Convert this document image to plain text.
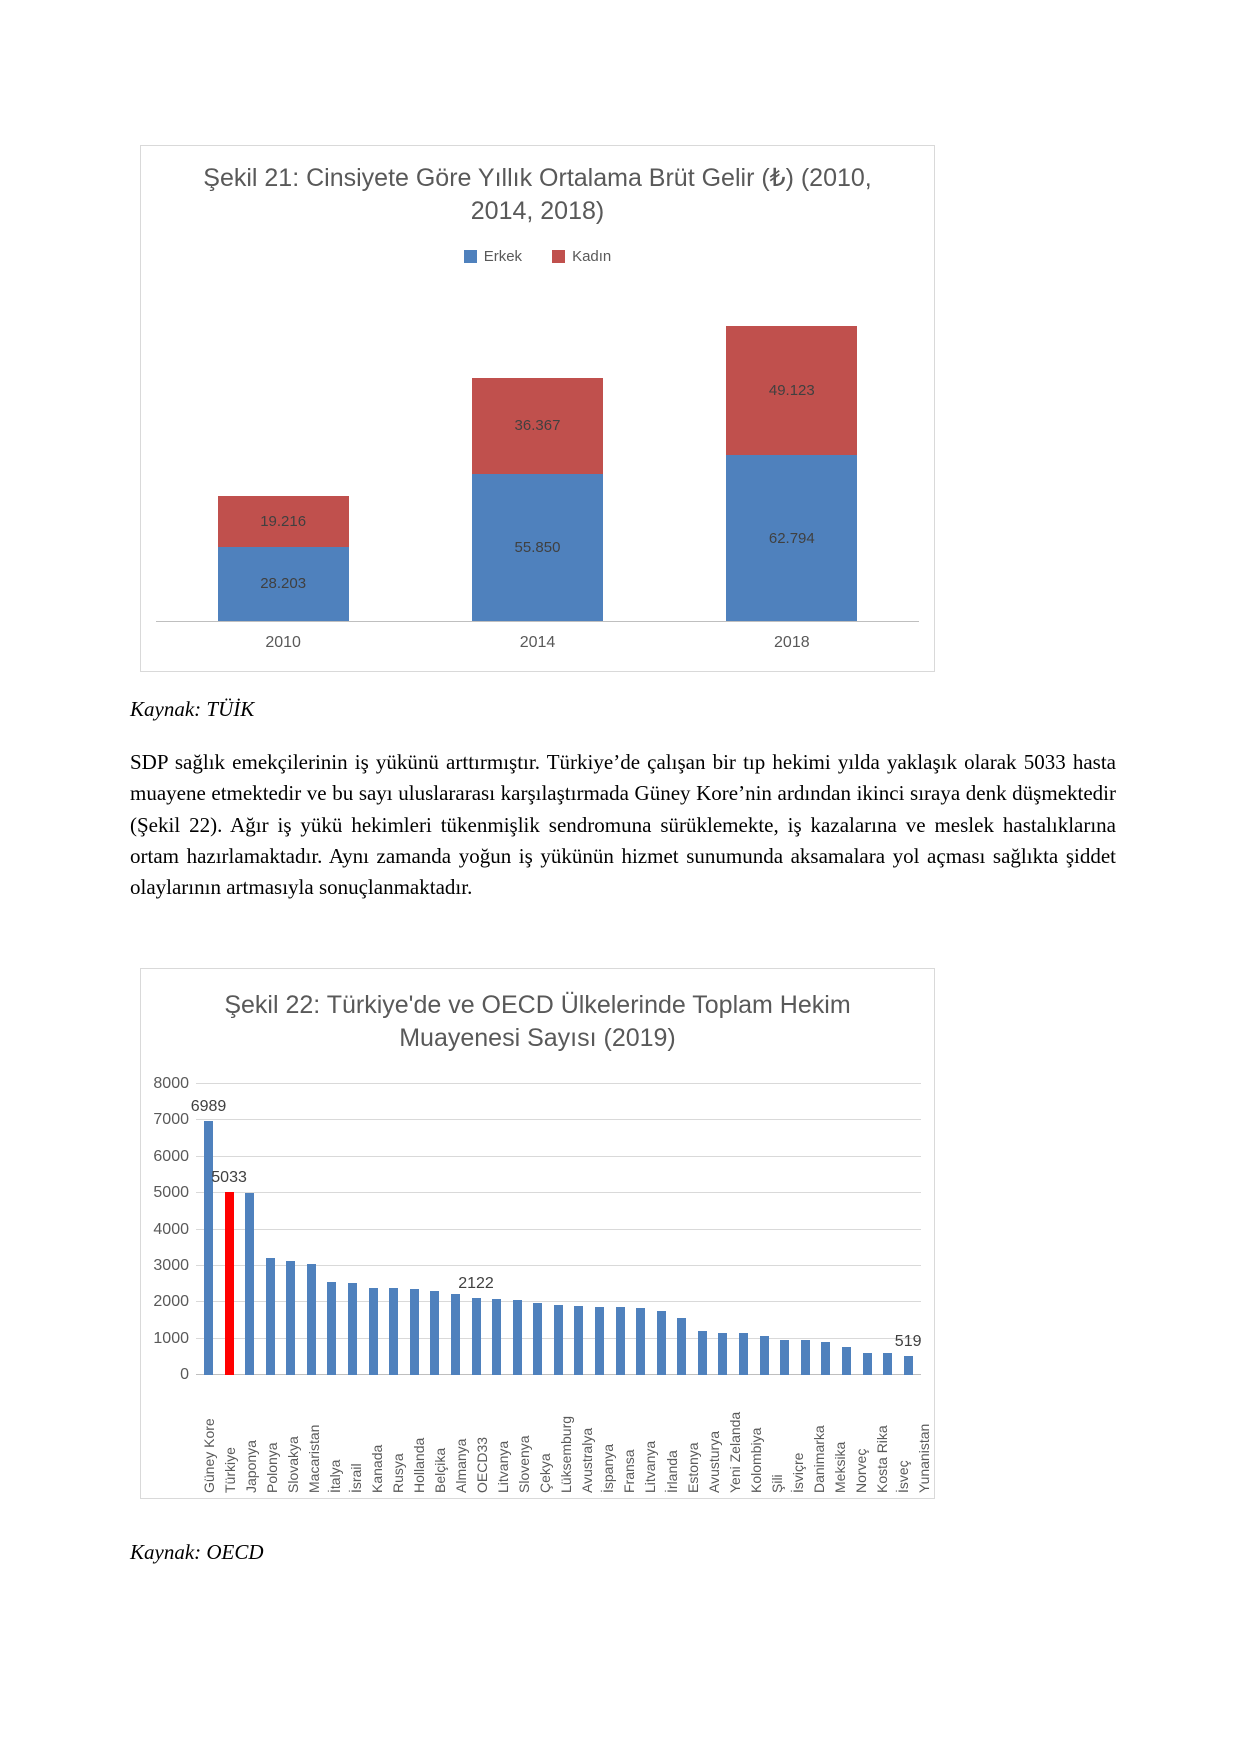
Şekil 21: Cinsiyete Göre Yıllık Ortalama Brüt Gelir (₺) (2010, 2014, 2018)
Erkek	Kadın
19.216
28.203
36.367
55.850
49.123
62.794
2010	2014	2018
Kaynak: TÜİK
SDP sağlık emekçilerinin iş yükünü arttırmıştır. Türkiye’de çalışan bir tıp hekimi yılda yaklaşık olarak 5033 hasta muayene etmektedir ve bu sayı uluslararası karşılaştırmada Güney Kore’nin ardından ikinci sıraya denk düşmektedir (Şekil 22). Ağır iş yükü hekimleri tükenmişlik sendromuna sürüklemekte, iş kazalarına ve meslek hastalıklarına ortam hazırlamaktadır. Aynı zamanda yoğun iş yükünün hizmet sunumunda aksamalara yol açması sağlıkta şiddet olaylarının artmasıyla sonuçlanmaktadır.
Şekil 22: Türkiye'de ve OECD Ülkelerinde Toplam Hekim Muayenesi Sayısı (2019)
0
1000
2000
3000
4000
5000
6000
7000
8000
6989
5033
2122
519
Güney Kore Türkiye Japonya Polonya Slovakya Macaristan İtalya İsrail Kanada Rusya Hollanda Belçika Almanya OECD33 Litvanya Slovenya Çekya Lüksemburg Avustralya İspanya Fransa Litvanya İrlanda Estonya Avusturya Yeni Zelanda Kolombiya Şili İsviçre Danimarka Meksika Norveç Kosta Rika İsveç Yunanistan
Kaynak: OECD
